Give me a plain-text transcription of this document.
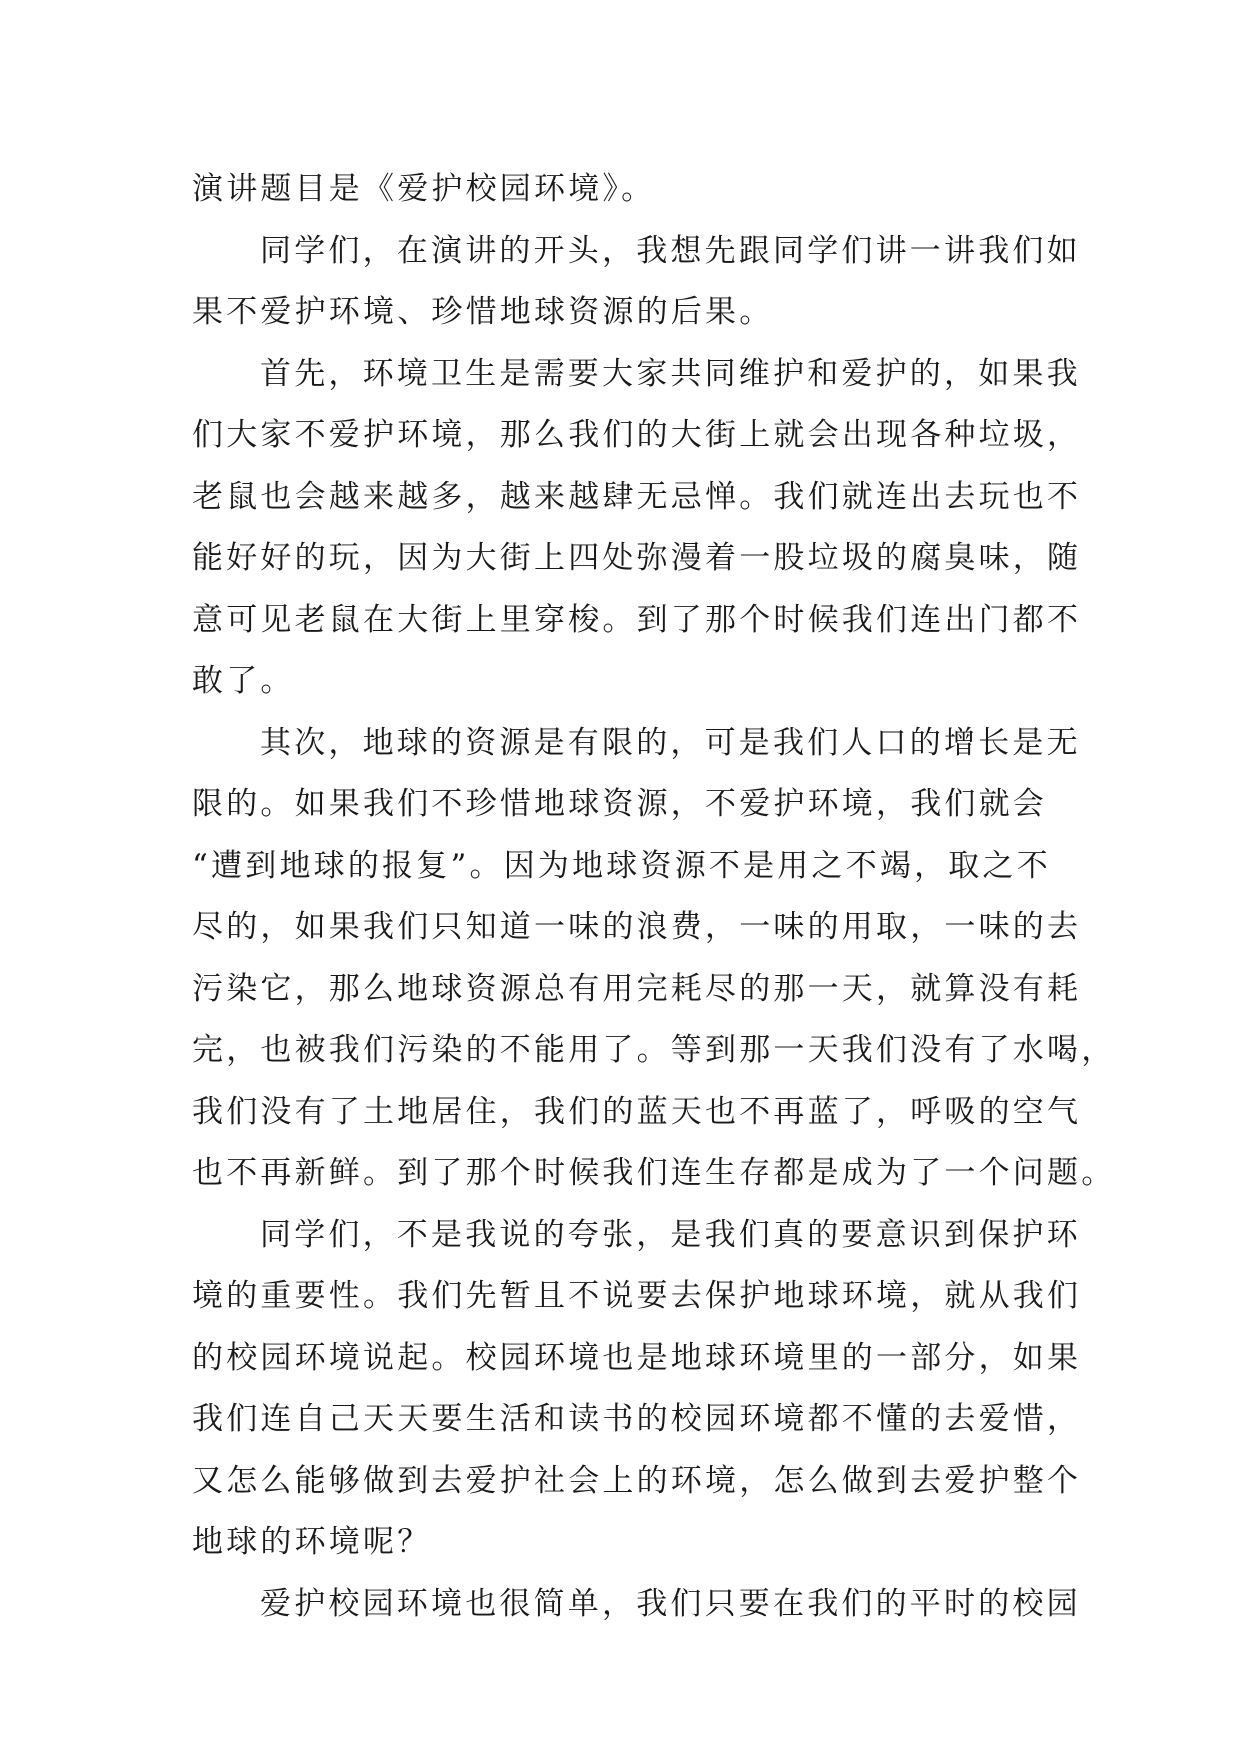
演讲题目是《爱护校园环境》。
同学们，在演讲的开头，我想先跟同学们讲一讲我们如
果不爱护环境、珍惜地球资源的后果。
首先，环境卫生是需要大家共同维护和爱护的，如果我
们大家不爱护环境，那么我们的大街上就会出现各种垃圾，
老鼠也会越来越多，越来越肆无忌惮。我们就连出去玩也不
能好好的玩，因为大街上四处弥漫着一股垃圾的腐臭味，随
意可见老鼠在大街上里穿梭。到了那个时候我们连出门都不
敢了。
其次，地球的资源是有限的，可是我们人口的增长是无
限的。如果我们不珍惜地球资源，不爱护环境，我们就会
“遭到地球的报复”。因为地球资源不是用之不竭，取之不
尽的，如果我们只知道一味的浪费，一味的用取，一味的去
污染它，那么地球资源总有用完耗尽的那一天，就算没有耗
完，也被我们污染的不能用了。等到那一天我们没有了水喝，
我们没有了土地居住，我们的蓝天也不再蓝了，呼吸的空气
也不再新鲜。到了那个时候我们连生存都是成为了一个问题。
同学们，不是我说的夸张，是我们真的要意识到保护环
境的重要性。我们先暂且不说要去保护地球环境，就从我们
的校园环境说起。校园环境也是地球环境里的一部分，如果
我们连自己天天要生活和读书的校园环境都不懂的去爱惜，
又怎么能够做到去爱护社会上的环境，怎么做到去爱护整个
地球的环境呢？
爱护校园环境也很简单，我们只要在我们的平时的校园
